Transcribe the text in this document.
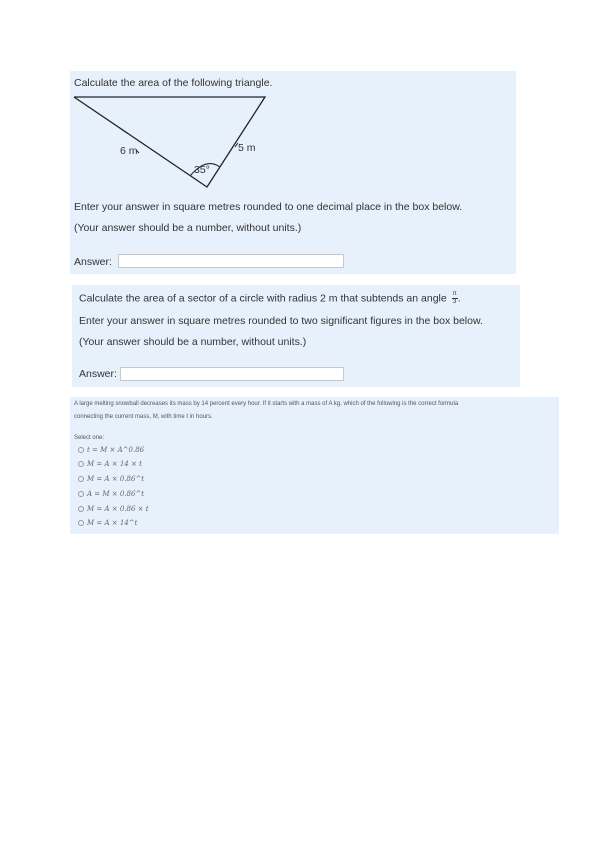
Calculate the area of the following triangle.
6 m	5 m
35°
Enter your answer in square metres rounded to one decimal place in the box below.
(Your answer should be a number, without units.)
Answer:
Calculate the area of a sector of a circle with radius 2 m that subtends an angle $\frac{\pi}{3}$ .
Enter your answer in square metres rounded to two significant figures in the box below.
(Your answer should be a number, without units.)
Answer:
A large melting snowball decreases its mass by 14 percent every hour. If it starts with a mass of A kg, which of the following is the correct formula
connecting the current mass, M, with time t in hours.
Select one:
t = M × A^0.86
M = A × 14 × t
M = A × 0.86^t
A = M × 0.86^t
M = A × 0.86 × t
M = A × 14^t
